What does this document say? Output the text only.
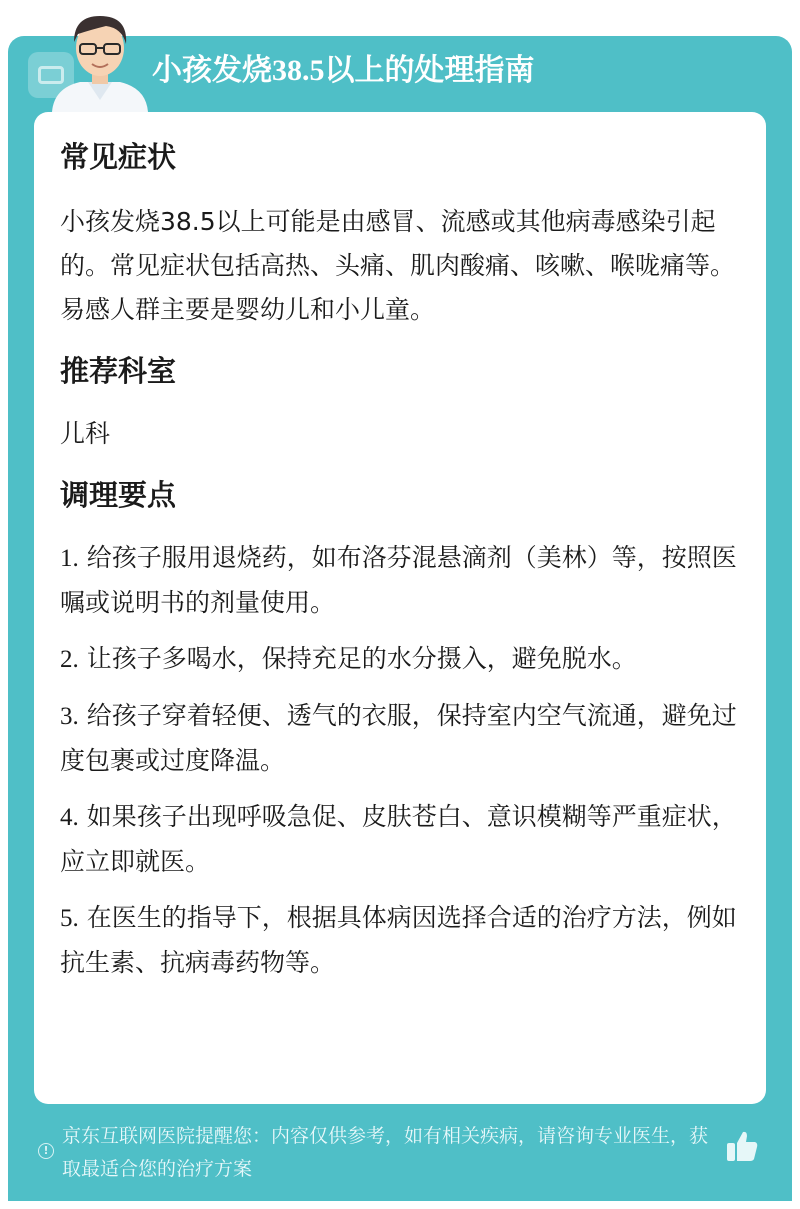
小孩发烧38.5以上的处理指南
常见症状

小孩发烧38.5以上可能是由感冒、流感或其他病毒感染引起的。常见症状包括高热、头痛、肌肉酸痛、咳嗽、喉咙痛等。易感人群主要是婴幼儿和小儿童。

推荐科室

儿科

调理要点

1. 给孩子服用退烧药，如布洛芬混悬滴剂（美林）等，按照医嘱或说明书的剂量使用。

2. 让孩子多喝水，保持充足的水分摄入，避免脱水。

3. 给孩子穿着轻便、透气的衣服，保持室内空气流通，避免过度包裹或过度降温。

4. 如果孩子出现呼吸急促、皮肤苍白、意识模糊等严重症状，应立即就医。

5. 在医生的指导下，根据具体病因选择合适的治疗方法，例如抗生素、抗病毒药物等。

!
京东互联网医院提醒您：内容仅供参考，如有相关疾病，请咨询专业医生，获取最适合您的治疗方案
